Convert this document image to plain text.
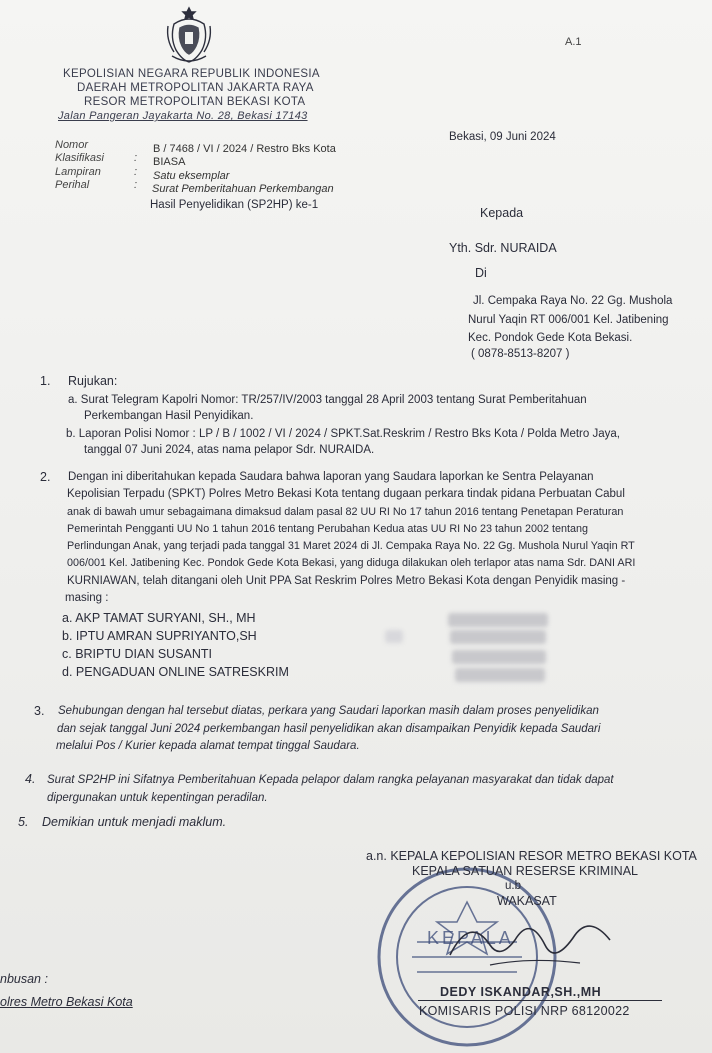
A.1
KEPOLISIAN NEGARA REPUBLIK INDONESIA
DAERAH METROPOLITAN JAKARTA RAYA
RESOR METROPOLITAN BEKASI KOTA
Jalan Pangeran Jayakarta No. 28, Bekasi 17143
Nomor	B / 7468 / VI / 2024 / Restro Bks Kota
Klasifikasi	: BIASA
Lampiran	: Satu eksemplar
Perihal	: Surat Pemberitahuan Perkembangan
Hasil Penyelidikan (SP2HP) ke-1
Bekasi, 09 Juni 2024
Kepada
Yth. Sdr. NURAIDA
Di
Jl. Cempaka Raya No. 22 Gg. Mushola
Nurul Yaqin RT 006/001 Kel. Jatibening
Kec. Pondok Gede Kota Bekasi.
( 0878-8513-8207 )
1. Rujukan:
a. Surat Telegram Kapolri Nomor: TR/257/IV/2003 tanggal 28 April 2003 tentang Surat Pemberitahuan
Perkembangan Hasil Penyidikan.
b. Laporan Polisi Nomor : LP / B / 1002 / VI / 2024 / SPKT.Sat.Reskrim / Restro Bks Kota / Polda Metro Jaya,
tanggal 07 Juni 2024, atas nama pelapor Sdr. NURAIDA.
2. Dengan ini diberitahukan kepada Saudara bahwa laporan yang Saudara laporkan ke Sentra Pelayanan
Kepolisian Terpadu (SPKT) Polres Metro Bekasi Kota tentang dugaan perkara tindak pidana Perbuatan Cabul
anak di bawah umur sebagaimana dimaksud dalam pasal 82 UU RI No 17 tahun 2016 tentang Penetapan Peraturan
Pemerintah Pengganti UU No 1 tahun 2016 tentang Perubahan Kedua atas UU RI No 23 tahun 2002 tentang
Perlindungan Anak, yang terjadi pada tanggal 31 Maret 2024 di Jl. Cempaka Raya No. 22 Gg. Mushola Nurul Yaqin RT
006/001 Kel. Jatibening Kec. Pondok Gede Kota Bekasi, yang diduga dilakukan oleh terlapor atas nama Sdr. DANI ARI
KURNIAWAN, telah ditangani oleh Unit PPA Sat Reskrim Polres Metro Bekasi Kota dengan Penyidik masing -
masing :
a. AKP TAMAT SURYANI, SH., MH
b. IPTU AMRAN SUPRIYANTO,SH
c. BRIPTU DIAN SUSANTI
d. PENGADUAN ONLINE SATRESKRIM
3. Sehubungan dengan hal tersebut diatas, perkara yang Saudari laporkan masih dalam proses penyelidikan
dan sejak tanggal Juni 2024 perkembangan hasil penyelidikan akan disampaikan Penyidik kepada Saudari
melalui Pos / Kurier kepada alamat tempat tinggal Saudara.
4. Surat SP2HP ini Sifatnya Pemberitahuan Kepada pelapor dalam rangka pelayanan masyarakat dan tidak dapat
dipergunakan untuk kepentingan peradilan.
5. Demikian untuk menjadi maklum.
KEPALA
a.n. KEPALA KEPOLISIAN RESOR METRO BEKASI KOTA
KEPALA SATUAN RESERSE KRIMINAL
u.b
WAKASAT
DEDY ISKANDAR,SH.,MH
KOMISARIS POLISI NRP 68120022
nbusan :
olres Metro Bekasi Kota
